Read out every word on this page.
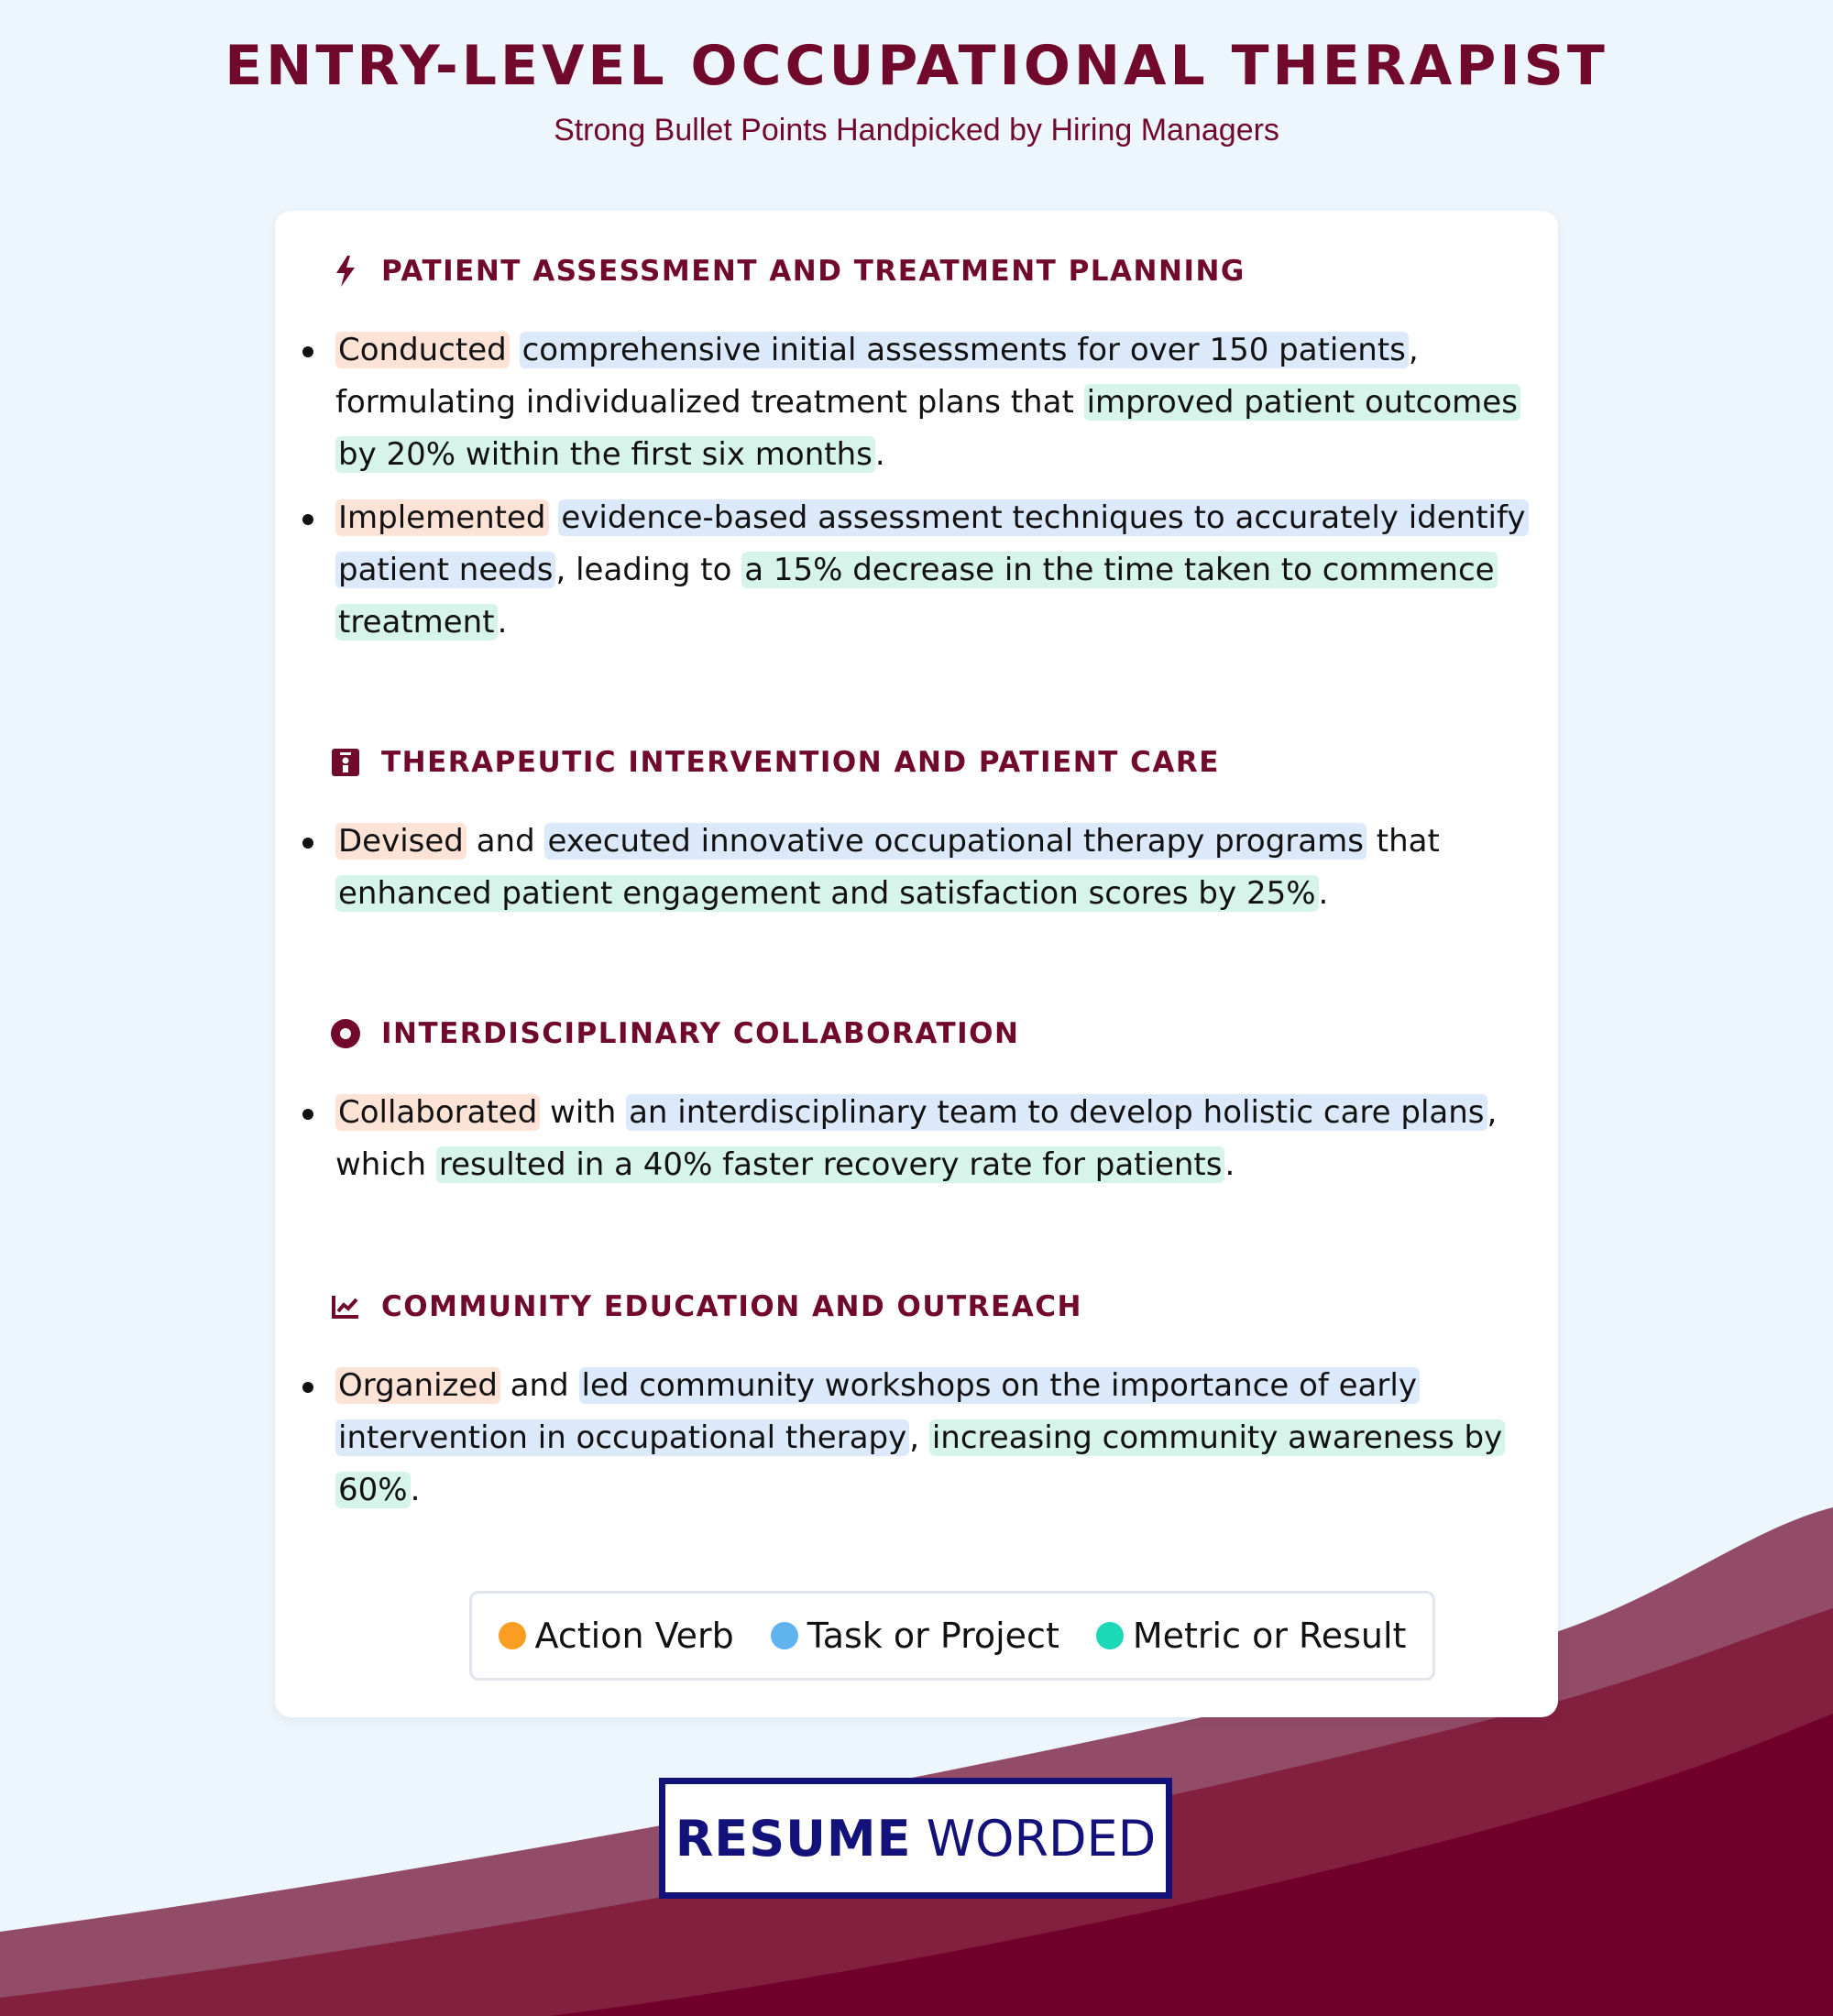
ENTRY-LEVEL OCCUPATIONAL THERAPIST
Strong Bullet Points Handpicked by Hiring Managers
PATIENT ASSESSMENT AND TREATMENT PLANNING
Conducted comprehensive initial assessments for over 150 patients, formulating individualized treatment plans that improved patient outcomes by 20% within the first six months.
Implemented evidence-based assessment techniques to accurately identify patient needs, leading to a 15% decrease in the time taken to commence treatment.
THERAPEUTIC INTERVENTION AND PATIENT CARE
Devised and executed innovative occupational therapy programs that enhanced patient engagement and satisfaction scores by 25%.
INTERDISCIPLINARY COLLABORATION
Collaborated with an interdisciplinary team to develop holistic care plans, which resulted in a 40% faster recovery rate for patients.
COMMUNITY EDUCATION AND OUTREACH
Organized and led community workshops on the importance of early intervention in occupational therapy, increasing community awareness by 60%.
Action Verb Task or Project Metric or Result
RESUME WORDED
